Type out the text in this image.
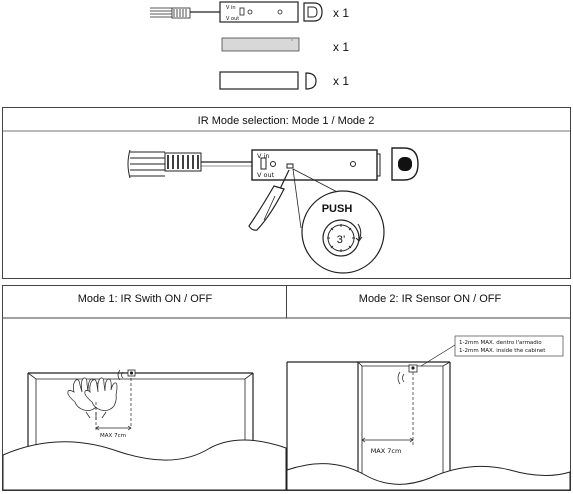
V in
V out	x 1
x 1
x 1
IR Mode selection: Mode 1 / Mode 2
V in
V out
PUSH
3’
Mode 1: IR Swith ON / OFF	Mode 2: IR Sensor ON / OFF
MAX 7cm
1-2mm MAX. dentro l'armadio
1-2mm MAX. inside the cabinet
MAX 7cm
